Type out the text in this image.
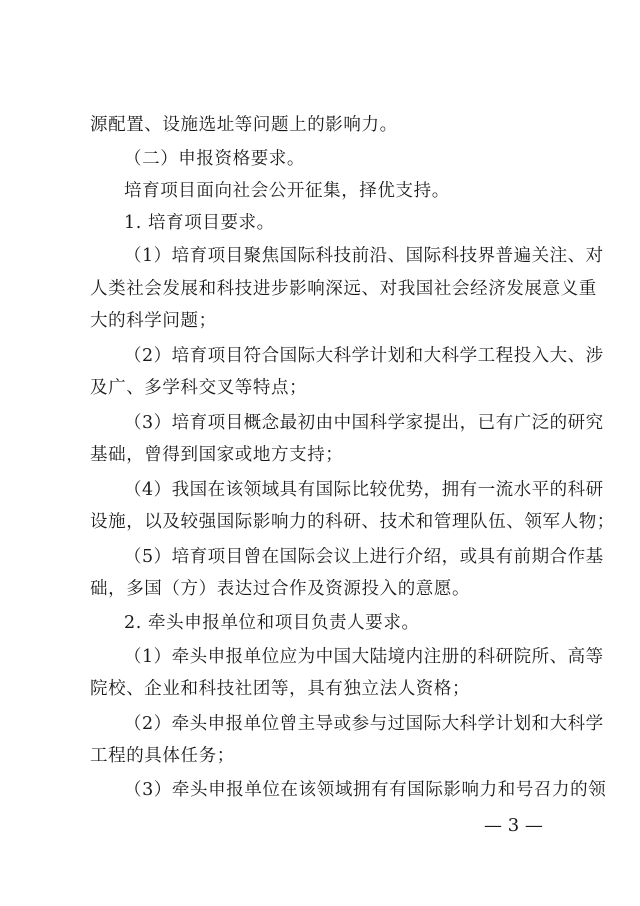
源配置、设施选址等问题上的影响力。
（二）申报资格要求。
培育项目面向社会公开征集，择优支持。
1. 培育项目要求。
（1）培育项目聚焦国际科技前沿、国际科技界普遍关注、对
人类社会发展和科技进步影响深远、对我国社会经济发展意义重
大的科学问题；
（2）培育项目符合国际大科学计划和大科学工程投入大、涉
及广、多学科交叉等特点；
（3）培育项目概念最初由中国科学家提出，已有广泛的研究
基础，曾得到国家或地方支持；
（4）我国在该领域具有国际比较优势，拥有一流水平的科研
设施，以及较强国际影响力的科研、技术和管理队伍、领军人物；
（5）培育项目曾在国际会议上进行介绍，或具有前期合作基
础，多国（方）表达过合作及资源投入的意愿。
2. 牵头申报单位和项目负责人要求。
（1）牵头申报单位应为中国大陆境内注册的科研院所、高等
院校、企业和科技社团等，具有独立法人资格；
（2）牵头申报单位曾主导或参与过国际大科学计划和大科学
工程的具体任务；
（3）牵头申报单位在该领域拥有有国际影响力和号召力的领
— 3 —
